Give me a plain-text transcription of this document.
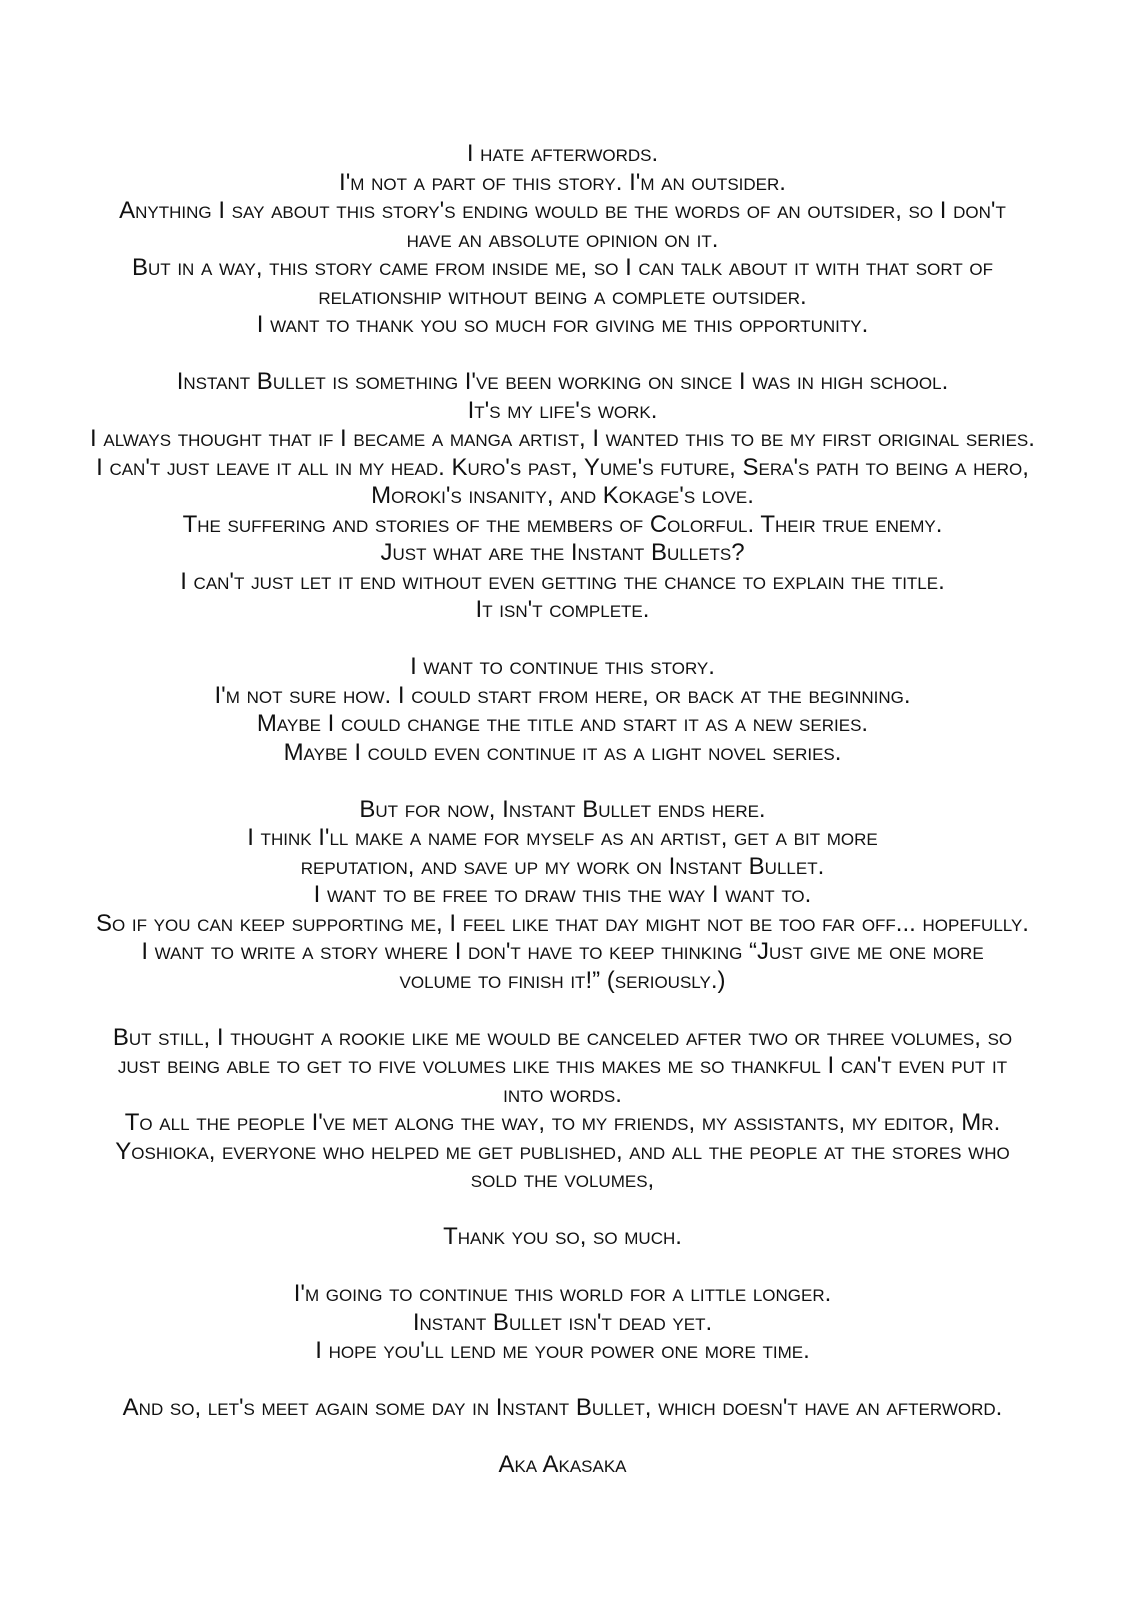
I hate afterwords.
I'm not a part of this story. I'm an outsider.
Anything I say about this story's ending would be the words of an outsider, so I don't
have an absolute opinion on it.
But in a way, this story came from inside me, so I can talk about it with that sort of
relationship without being a complete outsider.
I want to thank you so much for giving me this opportunity.
Instant Bullet is something I've been working on since I was in high school.
It's my life's work.
I always thought that if I became a manga artist, I wanted this to be my first original series.
I can't just leave it all in my head. Kuro's past, Yume's future, Sera's path to being a hero,
Moroki's insanity, and Kokage's love.
The suffering and stories of the members of Colorful. Their true enemy.
Just what are the Instant Bullets?
I can't just let it end without even getting the chance to explain the title.
It isn't complete.
I want to continue this story.
I'm not sure how. I could start from here, or back at the beginning.
Maybe I could change the title and start it as a new series.
Maybe I could even continue it as a light novel series.
But for now, Instant Bullet ends here.
I think I'll make a name for myself as an artist, get a bit more
reputation, and save up my work on Instant Bullet.
I want to be free to draw this the way I want to.
So if you can keep supporting me, I feel like that day might not be too far off... hopefully.
I want to write a story where I don't have to keep thinking “Just give me one more
volume to finish it!” (seriously.)
But still, I thought a rookie like me would be canceled after two or three volumes, so
just being able to get to five volumes like this makes me so thankful I can't even put it
into words.
To all the people I've met along the way, to my friends, my assistants, my editor, Mr.
Yoshioka, everyone who helped me get published, and all the people at the stores who
sold the volumes,
Thank you so, so much.
I'm going to continue this world for a little longer.
Instant Bullet isn't dead yet.
I hope you'll lend me your power one more time.
And so, let's meet again some day in Instant Bullet, which doesn't have an afterword.
Aka Akasaka
